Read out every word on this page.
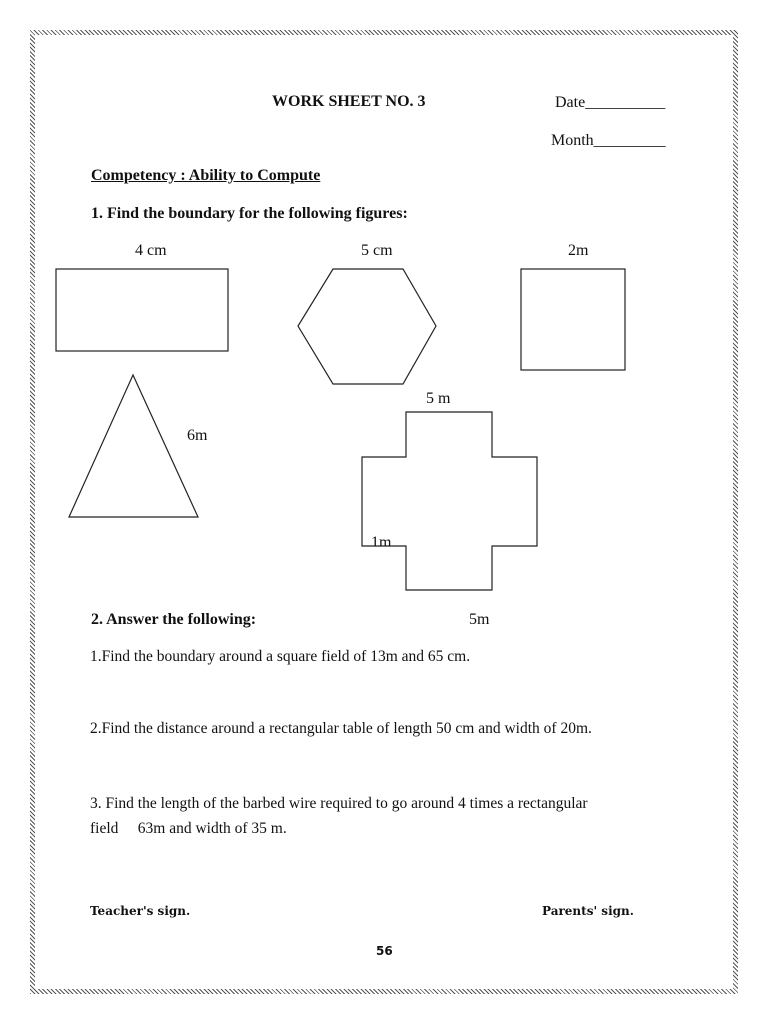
WORK SHEET NO. 3	Date__________
Month_________
Competency : Ability to Compute
1. Find the boundary for the following figures:
4 cm	5 cm	2m
6m
5 m
1m
5m
2. Answer the following:
1.Find the boundary around a square field of 13m and 65 cm.
2.Find the distance around a rectangular table of length 50 cm and width of 20m.
3. Find the length of the barbed wire required to go around 4 times a rectangular
field     63m and width of 35 m.
Teacher's sign.	Parents' sign.
56
